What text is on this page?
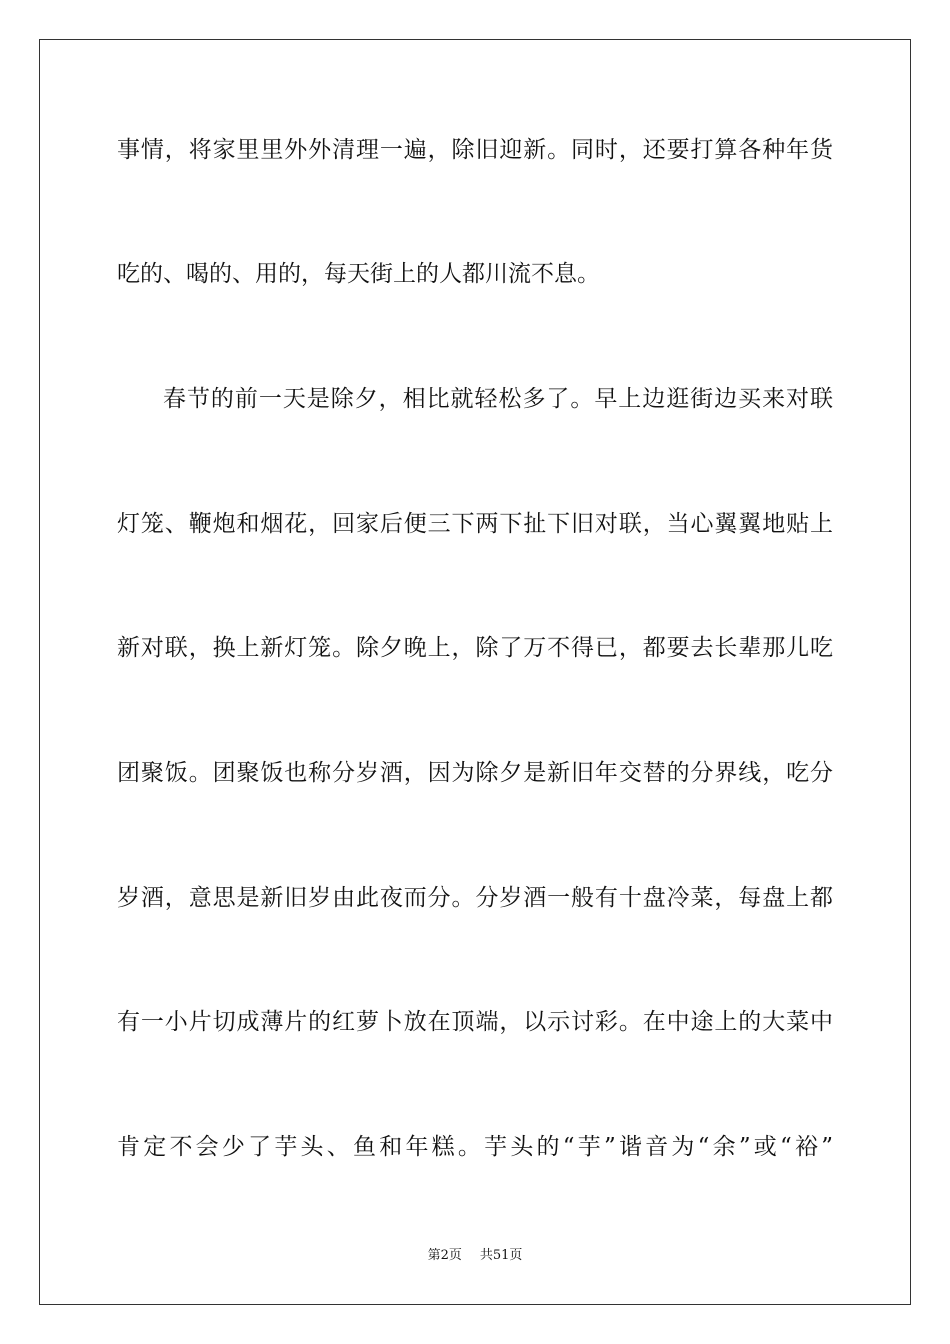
事情，将家里里外外清理一遍，除旧迎新。同时，还要打算各种年货
吃的、喝的、用的，每天街上的人都川流不息。
春节的前一天是除夕，相比就轻松多了。早上边逛街边买来对联
灯笼、鞭炮和烟花，回家后便三下两下扯下旧对联，当心翼翼地贴上
新对联，换上新灯笼。除夕晚上，除了万不得已，都要去长辈那儿吃
团聚饭。团聚饭也称分岁酒，因为除夕是新旧年交替的分界线，吃分
岁酒，意思是新旧岁由此夜而分。分岁酒一般有十盘冷菜，每盘上都
有一小片切成薄片的红萝卜放在顶端，以示讨彩。在中途上的大菜中
肯定不会少了芋头、鱼和年糕。芋头的“芋”谐音为“余”或“裕”
第2页 共51页
